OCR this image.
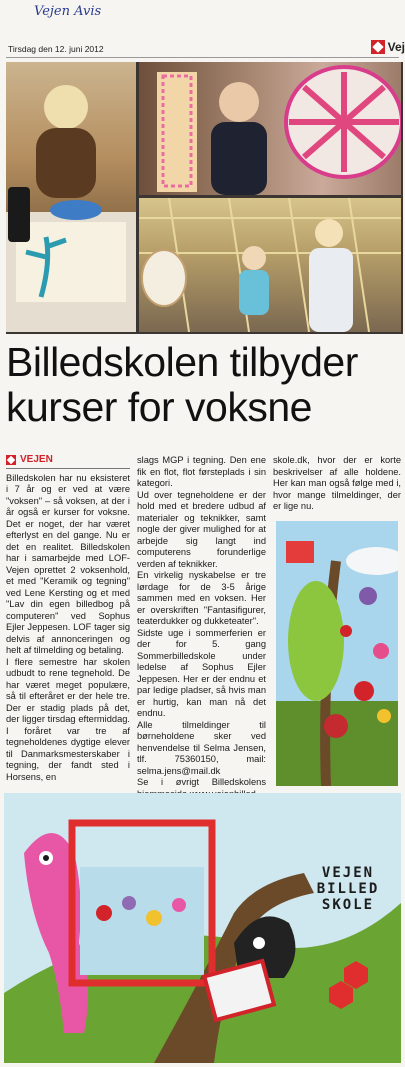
Vejen Avis
Tirsdag den 12. juni 2012	Vej
Billedskolen tilbyder kurser for voksne
VEJEN

Billedskolen har nu eksisteret i 7 år og er ved at være "voksen" – så voksen, at der i år også er kurser for voksne. Det er noget, der har været efterlyst en del gange. Nu er det en realitet. Billedskolen har i samarbejde med LOF-Vejen oprettet 2 voksenhold, et med "Keramik og tegning" ved Lene Kersting og et med "Lav din egen billedbog på computeren" ved Sophus Ejler Jeppesen. LOF tager sig delvis af annonceringen og helt af tilmelding og betaling.

I flere semestre har skolen udbudt to rene tegnehold. De har været meget populære, så til efteråret er der hele tre. Der er stadig plads på det, der ligger tirsdag eftermiddag. I foråret var tre af tegneholdenes dygtige elever til Danmarksmesterskaber i tegning, der fandt sted i Horsens, en

slags MGP i tegning. Den ene fik en flot, flot førsteplads i sin kategori.

Ud over tegneholdene er der hold med et bredere udbud af materialer og teknikker, samt nogle der giver mulighed for at arbejde sig langt ind computerens forunderlige verden af teknikker.

En virkelig nyskabelse er tre lørdage for de 3-5 årige sammen med en voksen. Her er overskriften "Fantasifigurer, teaterdukker og dukketeater".

Sidste uge i sommerferien er der for 5. gang Sommerbilledskole under ledelse af Sophus Ejler Jeppesen. Her er der endnu et par ledige pladser, så hvis man er hurtig, kan man nå det endnu.

Alle tilmeldinger til børneholdene sker ved henvendelse til Selma Jensen, tlf. 75360150, mail: selma.jens@mail.dk

Se i øvrigt Billedskolens

skole.dk, hvor der er korte beskrivelser af alle holdene. Her kan man også følge med i, hvor mange tilmeldinger, der er lige nu.

VEJEN BILLED SKOLE
